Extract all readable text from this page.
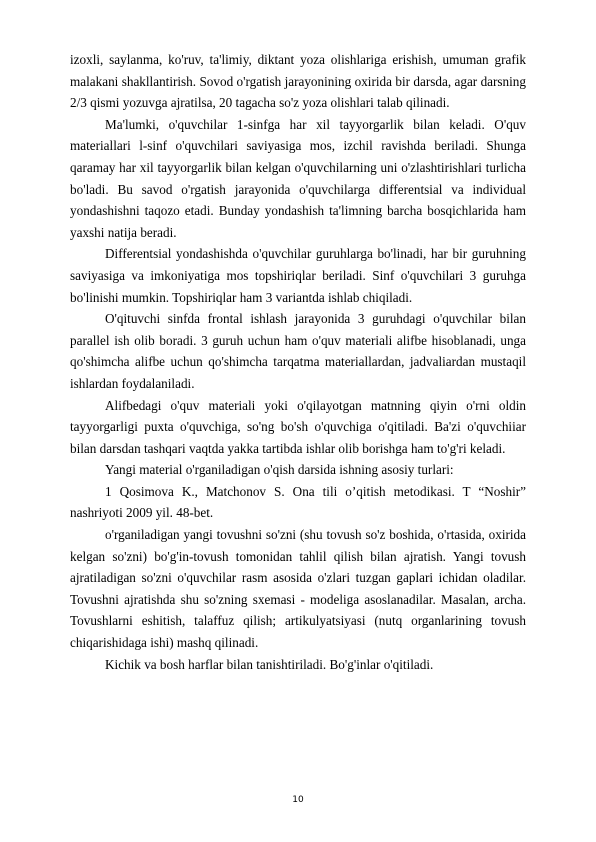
izoxli, saylanma, ko'ruv, ta'limiy, diktant yoza olishlariga erishish, umuman grafik malakani shakllantirish. Sovod o'rgatish jarayonining oxirida bir darsda, agar darsning 2/3 qismi yozuvga ajratilsa, 20 tagacha so'z yoza olishlari talab qilinadi.

Ma'lumki, o'quvchilar 1-sinfga har xil tayyorgarlik bilan keladi. O'quv materiallari l-sinf o'quvchilari saviyasiga mos, izchil ravishda beriladi. Shunga qaramay har xil tayyorgarlik bilan kelgan o'quvchilarning uni o'zlashtirishlari turlicha bo'ladi. Bu savod o'rgatish jarayonida o'quvchilarga differentsial va individual yondashishni taqozo etadi. Bunday yondashish ta'limning barcha bosqichlarida ham yaxshi natija beradi.

Differentsial yondashishda o'quvchilar guruhlarga bo'linadi, har bir guruhning saviyasiga va imkoniyatiga mos topshiriqlar beriladi. Sinf o'quvchilari 3 guruhga bo'linishi mumkin. Topshiriqlar ham 3 variantda ishlab chiqiladi.

O'qituvchi sinfda frontal ishlash jarayonida 3 guruhdagi o'quvchilar bilan parallel ish olib boradi. 3 guruh uchun ham o'quv materiali alifbe hisoblanadi, unga qo'shimcha alifbe uchun qo'shimcha tarqatma materiallardan, jadvaliardan mustaqil ishlardan foydalaniladi.

Alifbedagi o'quv materiali yoki o'qilayotgan matnning qiyin o'rni oldin tayyorgarligi puxta o'quvchiga, so'ng bo'sh o'quvchiga o'qitiladi. Ba'zi o'quvchiiar bilan darsdan tashqari vaqtda yakka tartibda ishlar olib borishga ham to'g'ri keladi.

Yangi material o'rganiladigan o'qish darsida ishning asosiy turlari:

1 Qosimova K., Matchonov S. Ona tili o’qitish metodikasi. T “Noshir” nashriyoti 2009 yil. 48-bet.

o'rganiladigan yangi tovushni so'zni (shu tovush so'z boshida, o'rtasida, oxirida kelgan so'zni) bo'g'in-tovush tomonidan tahlil qilish bilan ajratish. Yangi tovush ajratiladigan so'zni o'quvchilar rasm asosida o'zlari tuzgan gaplari ichidan oladilar. Tovushni ajratishda shu so'zning sxemasi - modeliga asoslanadilar. Masalan, archa. Tovushlarni eshitish, talaffuz qilish; artikulyatsiyasi (nutq organlarining tovush chiqarishidaga ishi) mashq qilinadi.

Kichik va bosh harflar bilan tanishtiriladi. Bo'g'inlar o'qitiladi.

10
